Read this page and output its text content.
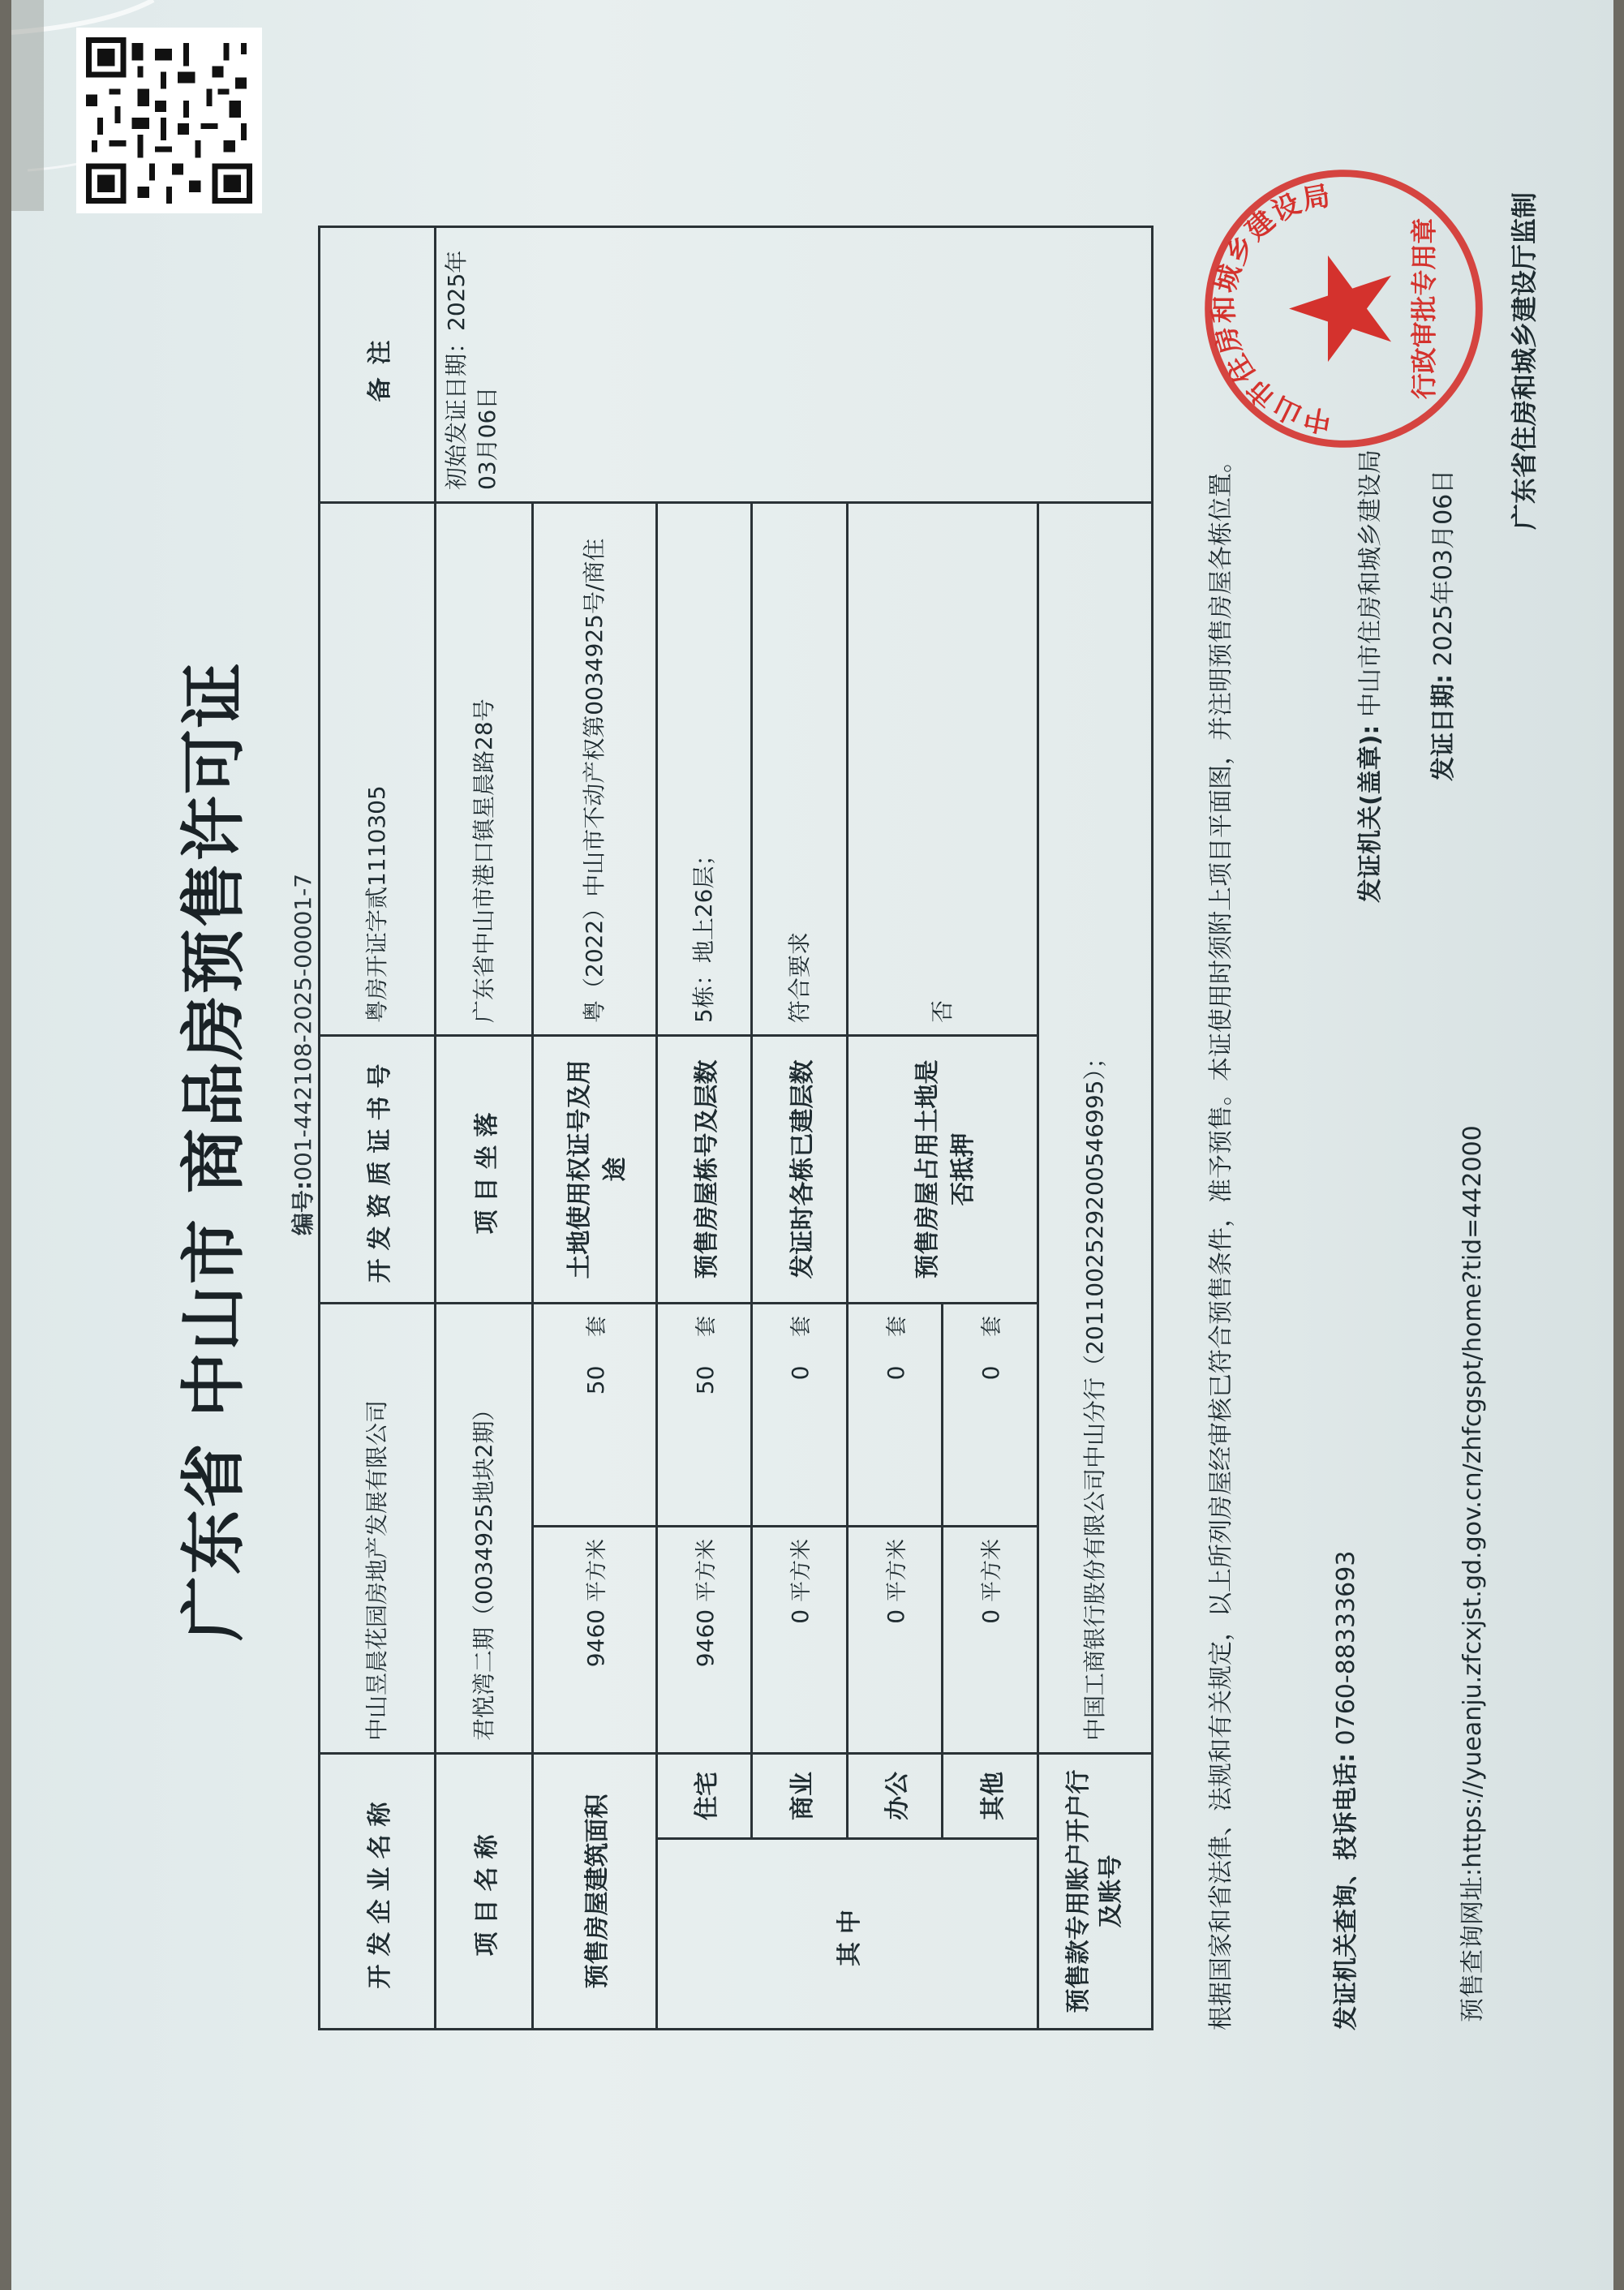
广东省 中山市 商品房预售许可证 编号:001-442108-2025-00001-7
开发企业名称		中山昱晨花园房地产发展有限公司		开发资质证书号	粤房开证字贰1110305	备注
项目名称		君悦湾二期（0034925地块2期）		项目坐落	广东省中山市港口镇星晨路28号	初始发证日期：2025年03月06日
预售房屋建筑面积		9460 平方米	50    套	土地使用权证号及用途	粤（2022）中山市不动产权第0034925号/商住	
其中	住宅	9460 平方米	50    套	预售房屋栋号及层数	5栋：地上26层；	
	商业	0 平方米	0    套	发证时各栋已建层数	符合要求	
	办公	0 平方米	0    套	预售房屋占用土地是否抵押	否	
	其他	0 平方米	0    套			
预售款专用账户开户行及账号		中国工商银行股份有限公司中山分行（2011002529200546995）；					根据国家和省法律、法规和有关规定，以上所列房屋经审核已符合预售条件，准予预售。本证使用时须附上项目平面图，并注明预售房屋各栋位置。	发证机关查询、投诉电话: 0760-88333693
预售查询网址:https://yueanju.zfcxjst.gd.gov.cn/zhfcgspt/home?tid=442000
发证机关(盖章): 中山市住房和城乡建设局
发证日期: 2025年03月06日
广东省住房和城乡建设厅监制
中山市住房和城乡建设局
行政审批专用章
